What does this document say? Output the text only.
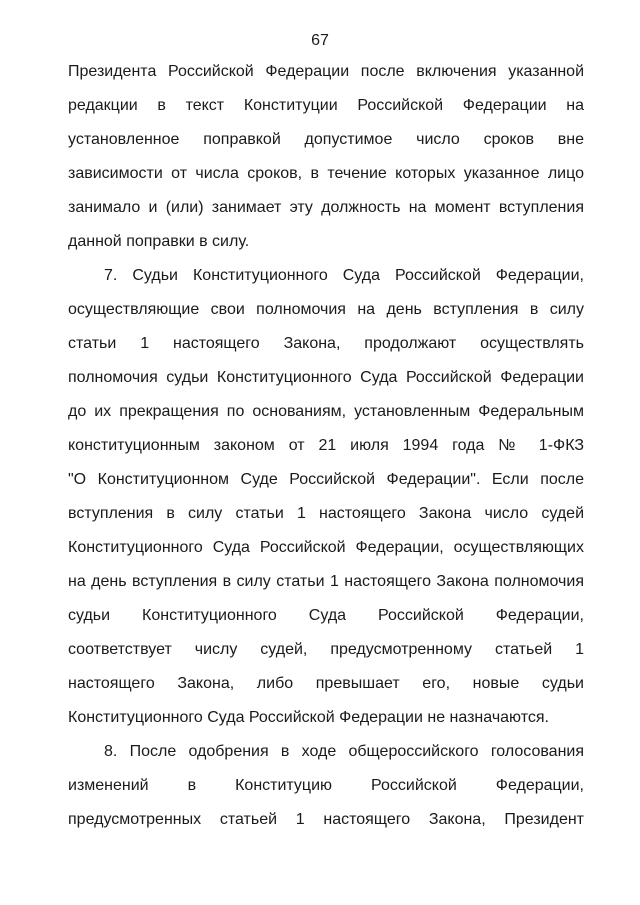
67
Президента Российской Федерации после включения указанной
редакции в текст Конституции Российской Федерации на
установленное поправкой допустимое число сроков вне
зависимости от числа сроков, в течение которых указанное лицо
занимало и (или) занимает эту должность на момент вступления
данной поправки в силу.
7. Судьи Конституционного Суда Российской Федерации,
осуществляющие свои полномочия на день вступления в силу
статьи 1 настоящего Закона, продолжают осуществлять
полномочия судьи Конституционного Суда Российской Федерации
до их прекращения по основаниям, установленным Федеральным
конституционным законом от 21 июля 1994 года № 1-ФКЗ
"О Конституционном Суде Российской Федерации". Если после
вступления в силу статьи 1 настоящего Закона число судей
Конституционного Суда Российской Федерации, осуществляющих
на день вступления в силу статьи 1 настоящего Закона полномочия
судьи Конституционного Суда Российской Федерации,
соответствует числу судей, предусмотренному статьей 1
настоящего Закона, либо превышает его, новые судьи
Конституционного Суда Российской Федерации не назначаются.
8. После одобрения в ходе общероссийского голосования
изменений в Конституцию Российской Федерации,
предусмотренных статьей 1 настоящего Закона, Президент
